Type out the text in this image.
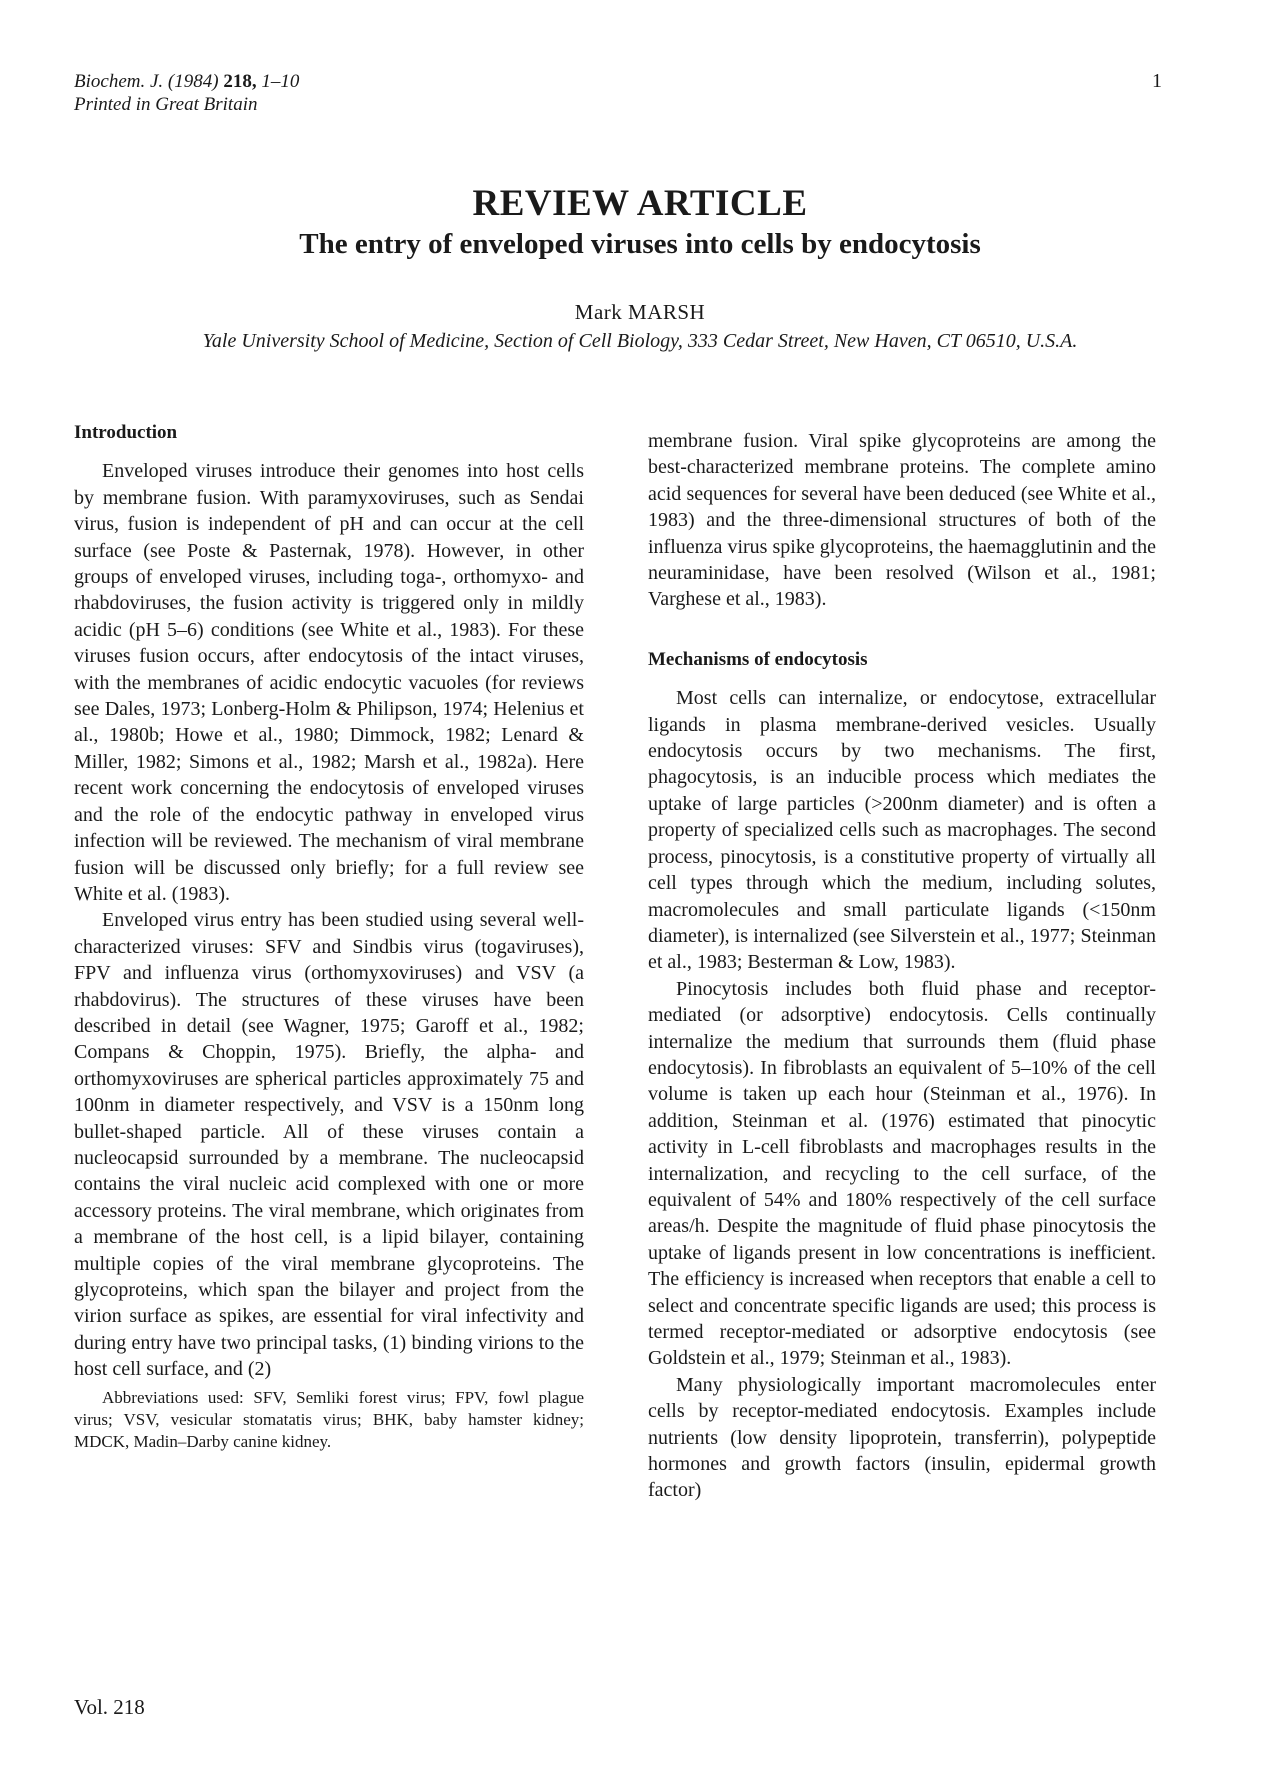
Biochem. J. (1984) 218, 1–10
Printed in Great Britain
1
REVIEW ARTICLE
The entry of enveloped viruses into cells by endocytosis
Mark MARSH
Yale University School of Medicine, Section of Cell Biology, 333 Cedar Street, New Haven, CT 06510, U.S.A.
Introduction

Enveloped viruses introduce their genomes into host cells by membrane fusion. With paramyxoviruses, such as Sendai virus, fusion is independent of pH and can occur at the cell surface (see Poste & Pasternak, 1978). However, in other groups of enveloped viruses, including toga-, orthomyxo- and rhabdoviruses, the fusion activity is triggered only in mildly acidic (pH 5–6) conditions (see White et al., 1983). For these viruses fusion occurs, after endocytosis of the intact viruses, with the membranes of acidic endocytic vacuoles (for reviews see Dales, 1973; Lonberg-Holm & Philipson, 1974; Helenius et al., 1980b; Howe et al., 1980; Dimmock, 1982; Lenard & Miller, 1982; Simons et al., 1982; Marsh et al., 1982a). Here recent work concerning the endocytosis of enveloped viruses and the role of the endocytic pathway in enveloped virus infection will be reviewed. The mechanism of viral membrane fusion will be discussed only briefly; for a full review see White et al. (1983).

Enveloped virus entry has been studied using several well-characterized viruses: SFV and Sindbis virus (togaviruses), FPV and influenza virus (orthomyxoviruses) and VSV (a rhabdovirus). The structures of these viruses have been described in detail (see Wagner, 1975; Garoff et al., 1982; Compans & Choppin, 1975). Briefly, the alpha- and orthomyxoviruses are spherical particles approximately 75 and 100nm in diameter respectively, and VSV is a 150nm long bullet-shaped particle. All of these viruses contain a nucleocapsid surrounded by a membrane. The nucleocapsid contains the viral nucleic acid complexed with one or more accessory proteins. The viral membrane, which originates from a membrane of the host cell, is a lipid bilayer, containing multiple copies of the viral membrane glycoproteins. The glycoproteins, which span the bilayer and project from the virion surface as spikes, are essential for viral infectivity and during entry have two principal tasks, (1) binding virions to the host cell surface, and (2)

Abbreviations used: SFV, Semliki forest virus; FPV, fowl plague virus; VSV, vesicular stomatatis virus; BHK, baby hamster kidney; MDCK, Madin–Darby canine kidney.

membrane fusion. Viral spike glycoproteins are among the best-characterized membrane proteins. The complete amino acid sequences for several have been deduced (see White et al., 1983) and the three-dimensional structures of both of the influenza virus spike glycoproteins, the haemagglutinin and the neuraminidase, have been resolved (Wilson et al., 1981; Varghese et al., 1983).

Mechanisms of endocytosis

Most cells can internalize, or endocytose, extracellular ligands in plasma membrane-derived vesicles. Usually endocytosis occurs by two mechanisms. The first, phagocytosis, is an inducible process which mediates the uptake of large particles (>200nm diameter) and is often a property of specialized cells such as macrophages. The second process, pinocytosis, is a constitutive property of virtually all cell types through which the medium, including solutes, macromolecules and small particulate ligands (<150nm diameter), is internalized (see Silverstein et al., 1977; Steinman et al., 1983; Besterman & Low, 1983).

Pinocytosis includes both fluid phase and receptor-mediated (or adsorptive) endocytosis. Cells continually internalize the medium that surrounds them (fluid phase endocytosis). In fibroblasts an equivalent of 5–10% of the cell volume is taken up each hour (Steinman et al., 1976). In addition, Steinman et al. (1976) estimated that pinocytic activity in L-cell fibroblasts and macrophages results in the internalization, and recycling to the cell surface, of the equivalent of 54% and 180% respectively of the cell surface areas/h. Despite the magnitude of fluid phase pinocytosis the uptake of ligands present in low concentrations is inefficient. The efficiency is increased when receptors that enable a cell to select and concentrate specific ligands are used; this process is termed receptor-mediated or adsorptive endocytosis (see Goldstein et al., 1979; Steinman et al., 1983).

Many physiologically important macromolecules enter cells by receptor-mediated endocytosis. Examples include nutrients (low density lipoprotein, transferrin), polypeptide hormones and growth factors (insulin, epidermal growth factor)

Vol. 218
